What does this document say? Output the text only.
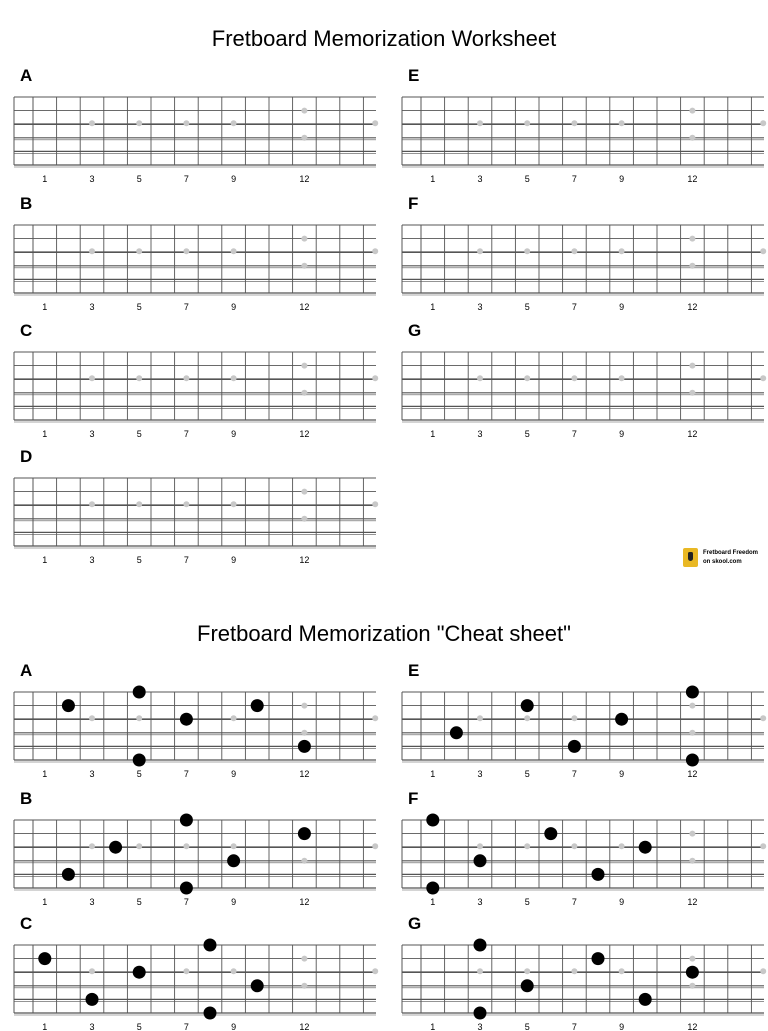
Fretboard Memorization Worksheet
A
1	3	5	7	9	12
B
1	3	5	7	9	12
C
1	3	5	7	9	12
D
1	3	5	7	9	12
E
1	3	5	7	9	12
F
1	3	5	7	9	12
G
1	3	5	7	9	12
Fretboard Freedom
on skool.com
Fretboard Memorization "Cheat sheet"
A
1	3	5	7	9	12
B
1	3	5	7	9	12
C
1	3	5	7	9	12
E
1	3	5	7	9	12
F
1	3	5	7	9	12
G
1	3	5	7	9	12
